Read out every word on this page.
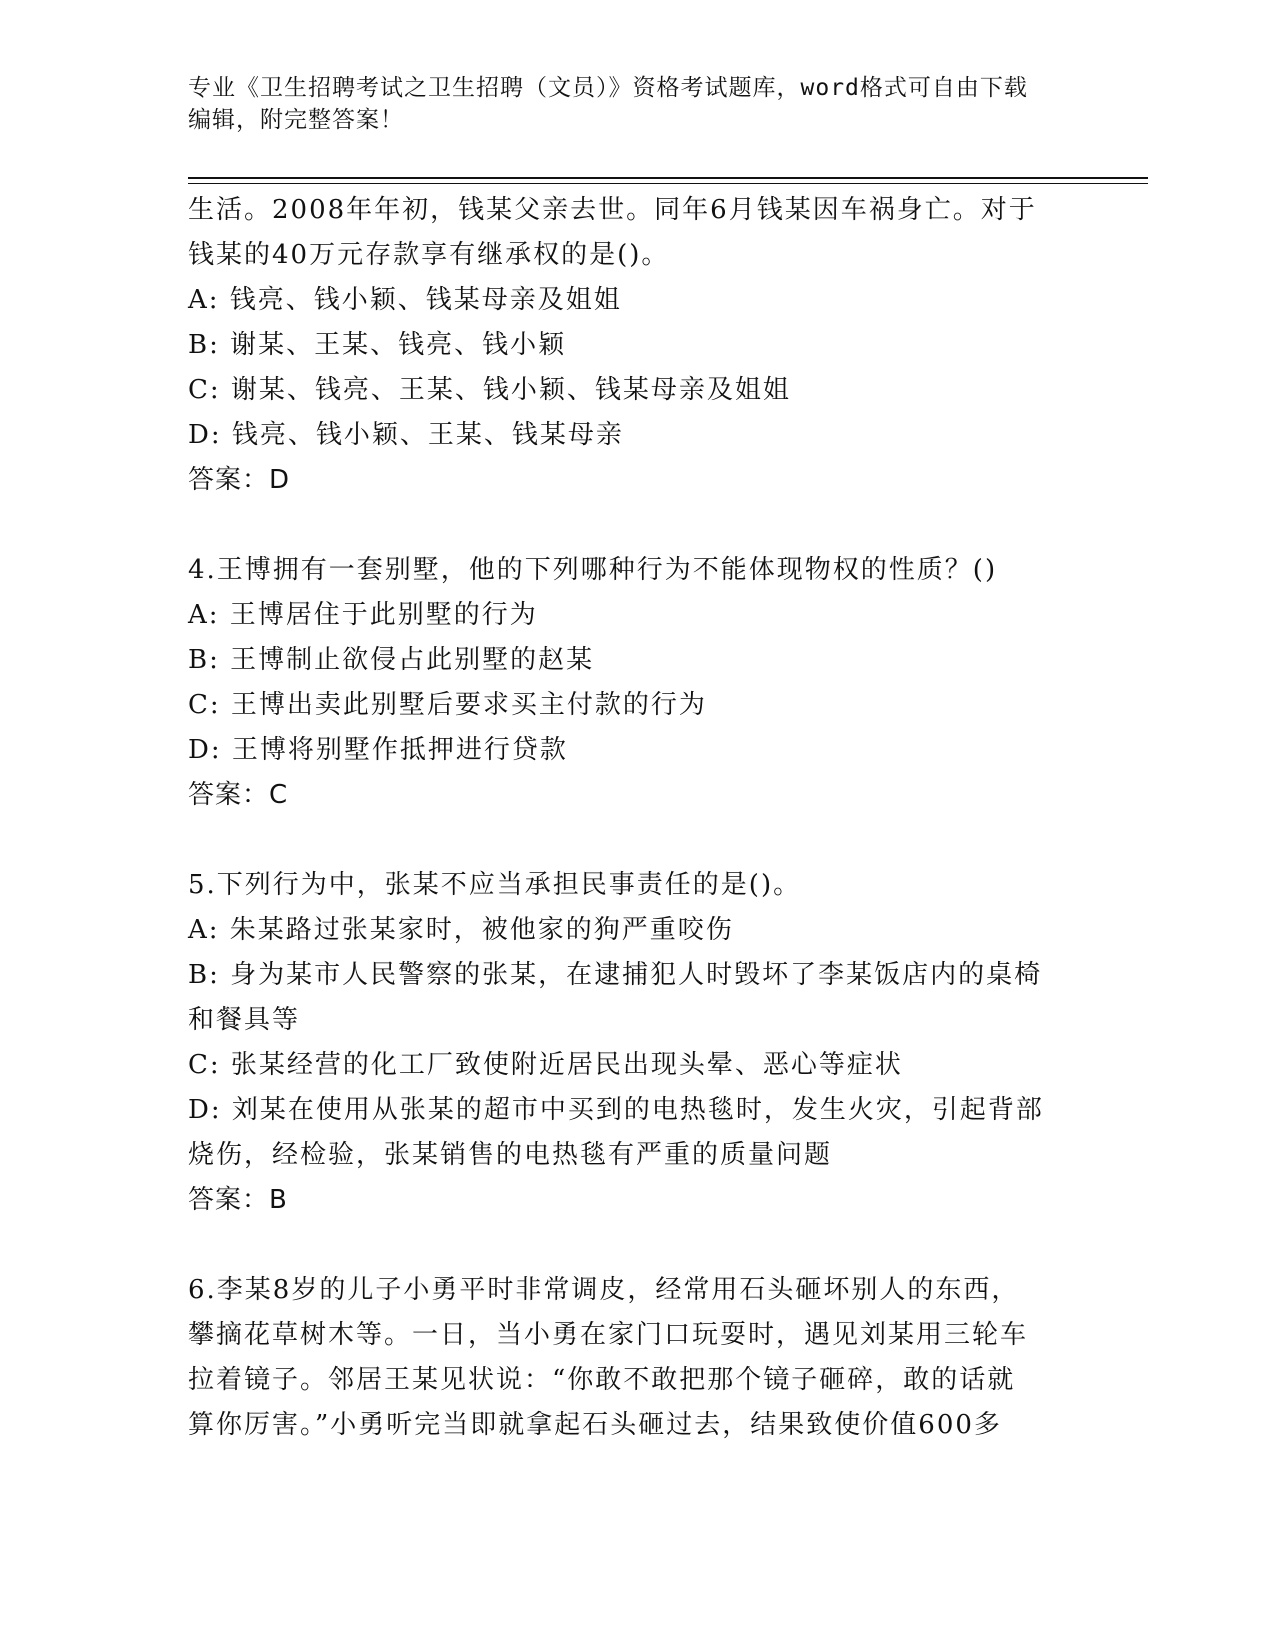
专业《卫生招聘考试之卫生招聘（文员）》资格考试题库，word格式可自由下载
编辑，附完整答案！

生活。2008年年初，钱某父亲去世。同年6月钱某因车祸身亡。对于

钱某的40万元存款享有继承权的是()。

A: 钱亮、钱小颖、钱某母亲及姐姐

B: 谢某、王某、钱亮、钱小颖

C: 谢某、钱亮、王某、钱小颖、钱某母亲及姐姐

D: 钱亮、钱小颖、王某、钱某母亲

答案：D

4.王博拥有一套别墅，他的下列哪种行为不能体现物权的性质？()

A: 王博居住于此别墅的行为

B: 王博制止欲侵占此别墅的赵某

C: 王博出卖此别墅后要求买主付款的行为

D: 王博将别墅作抵押进行贷款

答案：C

5.下列行为中，张某不应当承担民事责任的是()。

A: 朱某路过张某家时，被他家的狗严重咬伤

B: 身为某市人民警察的张某，在逮捕犯人时毁坏了李某饭店内的桌椅

和餐具等

C: 张某经营的化工厂致使附近居民出现头晕、恶心等症状

D: 刘某在使用从张某的超市中买到的电热毯时，发生火灾，引起背部

烧伤，经检验，张某销售的电热毯有严重的质量问题

答案：B

6.李某8岁的儿子小勇平时非常调皮，经常用石头砸坏别人的东西，

攀摘花草树木等。一日，当小勇在家门口玩耍时，遇见刘某用三轮车

拉着镜子。邻居王某见状说：“你敢不敢把那个镜子砸碎，敢的话就

算你厉害。”小勇听完当即就拿起石头砸过去，结果致使价值600多
